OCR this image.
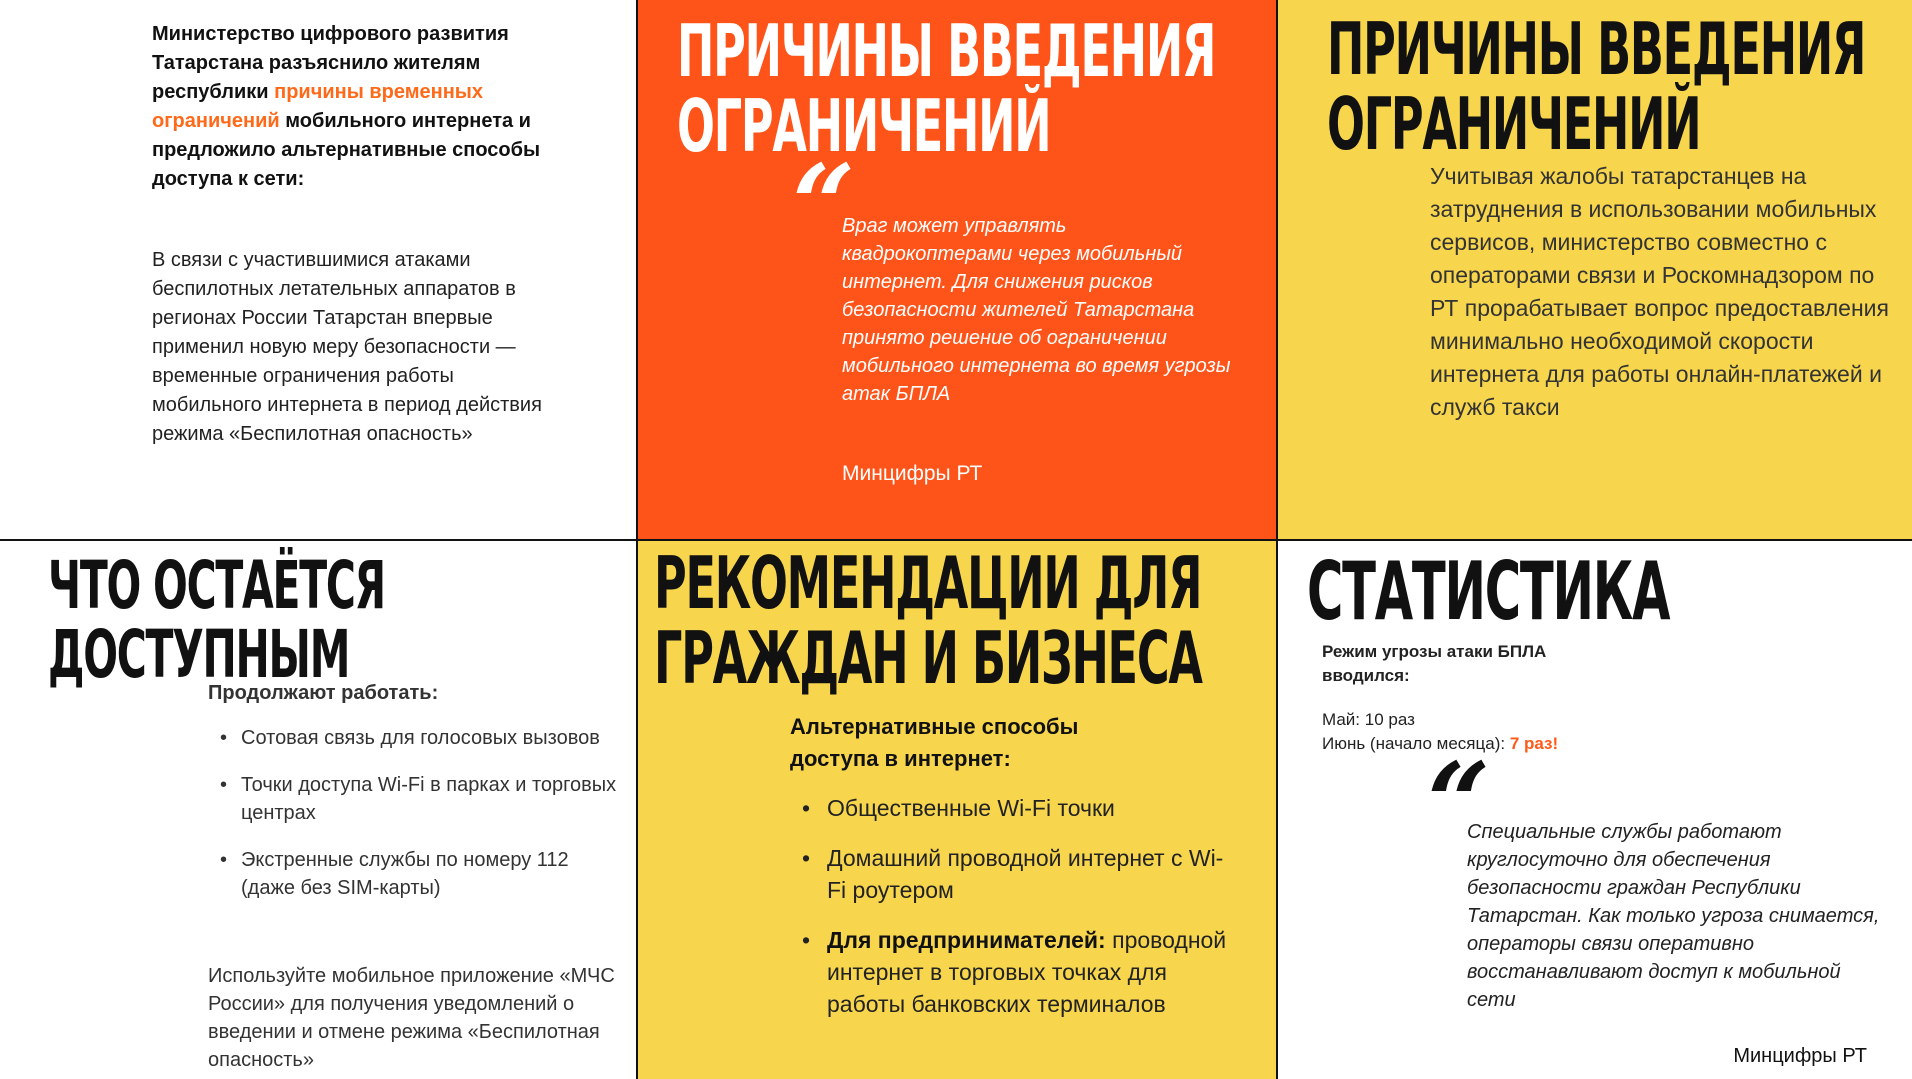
Министерство цифрового развития Татарстана разъяснило жителям республики причины временных ограничений мобильного интернета и предложило альтернативные способы доступа к сети:
В связи с участившимися атаками беспилотных летательных аппаратов в регионах России Татарстан впервые применил новую меру безопасности — временные ограничения работы мобильного интернета в период действия режима «Беспилотная опасность»
ПРИЧИНЫ ВВЕДЕНИЯ
ОГРАНИЧЕНИЙ
“
Враг может управлять квадрокоптерами через мобильный интернет. Для снижения рисков безопасности жителей Татарстана принято решение об ограничении мобильного интернета во время угрозы атак БПЛА
Минцифры РТ
ПРИЧИНЫ ВВЕДЕНИЯ
ОГРАНИЧЕНИЙ
Учитывая жалобы татарстанцев на затруднения в использовании мобильных сервисов, министерство совместно с операторами связи и Роскомнадзором по РТ прорабатывает вопрос предоставления минимально необходимой скорости интернета для работы онлайн-платежей и служб такси
ЧТО ОСТАЁТСЯ
ДОСТУПНЫМ
Продолжают работать:
• Сотовая связь для голосовых вызовов
• Точки доступа Wi-Fi в парках и торговых центрах
• Экстренные службы по номеру 112 (даже без SIM-карты)
Используйте мобильное приложение «МЧС России» для получения уведомлений о введении и отмене режима «Беспилотная опасность»
РЕКОМЕНДАЦИИ ДЛЯ
ГРАЖДАН И БИЗНЕСА
Альтернативные способы доступа в интернет:
• Общественные Wi-Fi точки
• Домашний проводной интернет с Wi-Fi роутером
• Для предпринимателей: проводной интернет в торговых точках для работы банковских терминалов
СТАТИСТИКА
Режим угрозы атаки БПЛА вводился:
Май: 10 раз
Июнь (начало месяца): 7 раз!
“
Специальные службы работают круглосуточно для обеспечения безопасности граждан Республики Татарстан. Как только угроза снимается, операторы связи оперативно восстанавливают доступ к мобильной сети
Минцифры РТ
